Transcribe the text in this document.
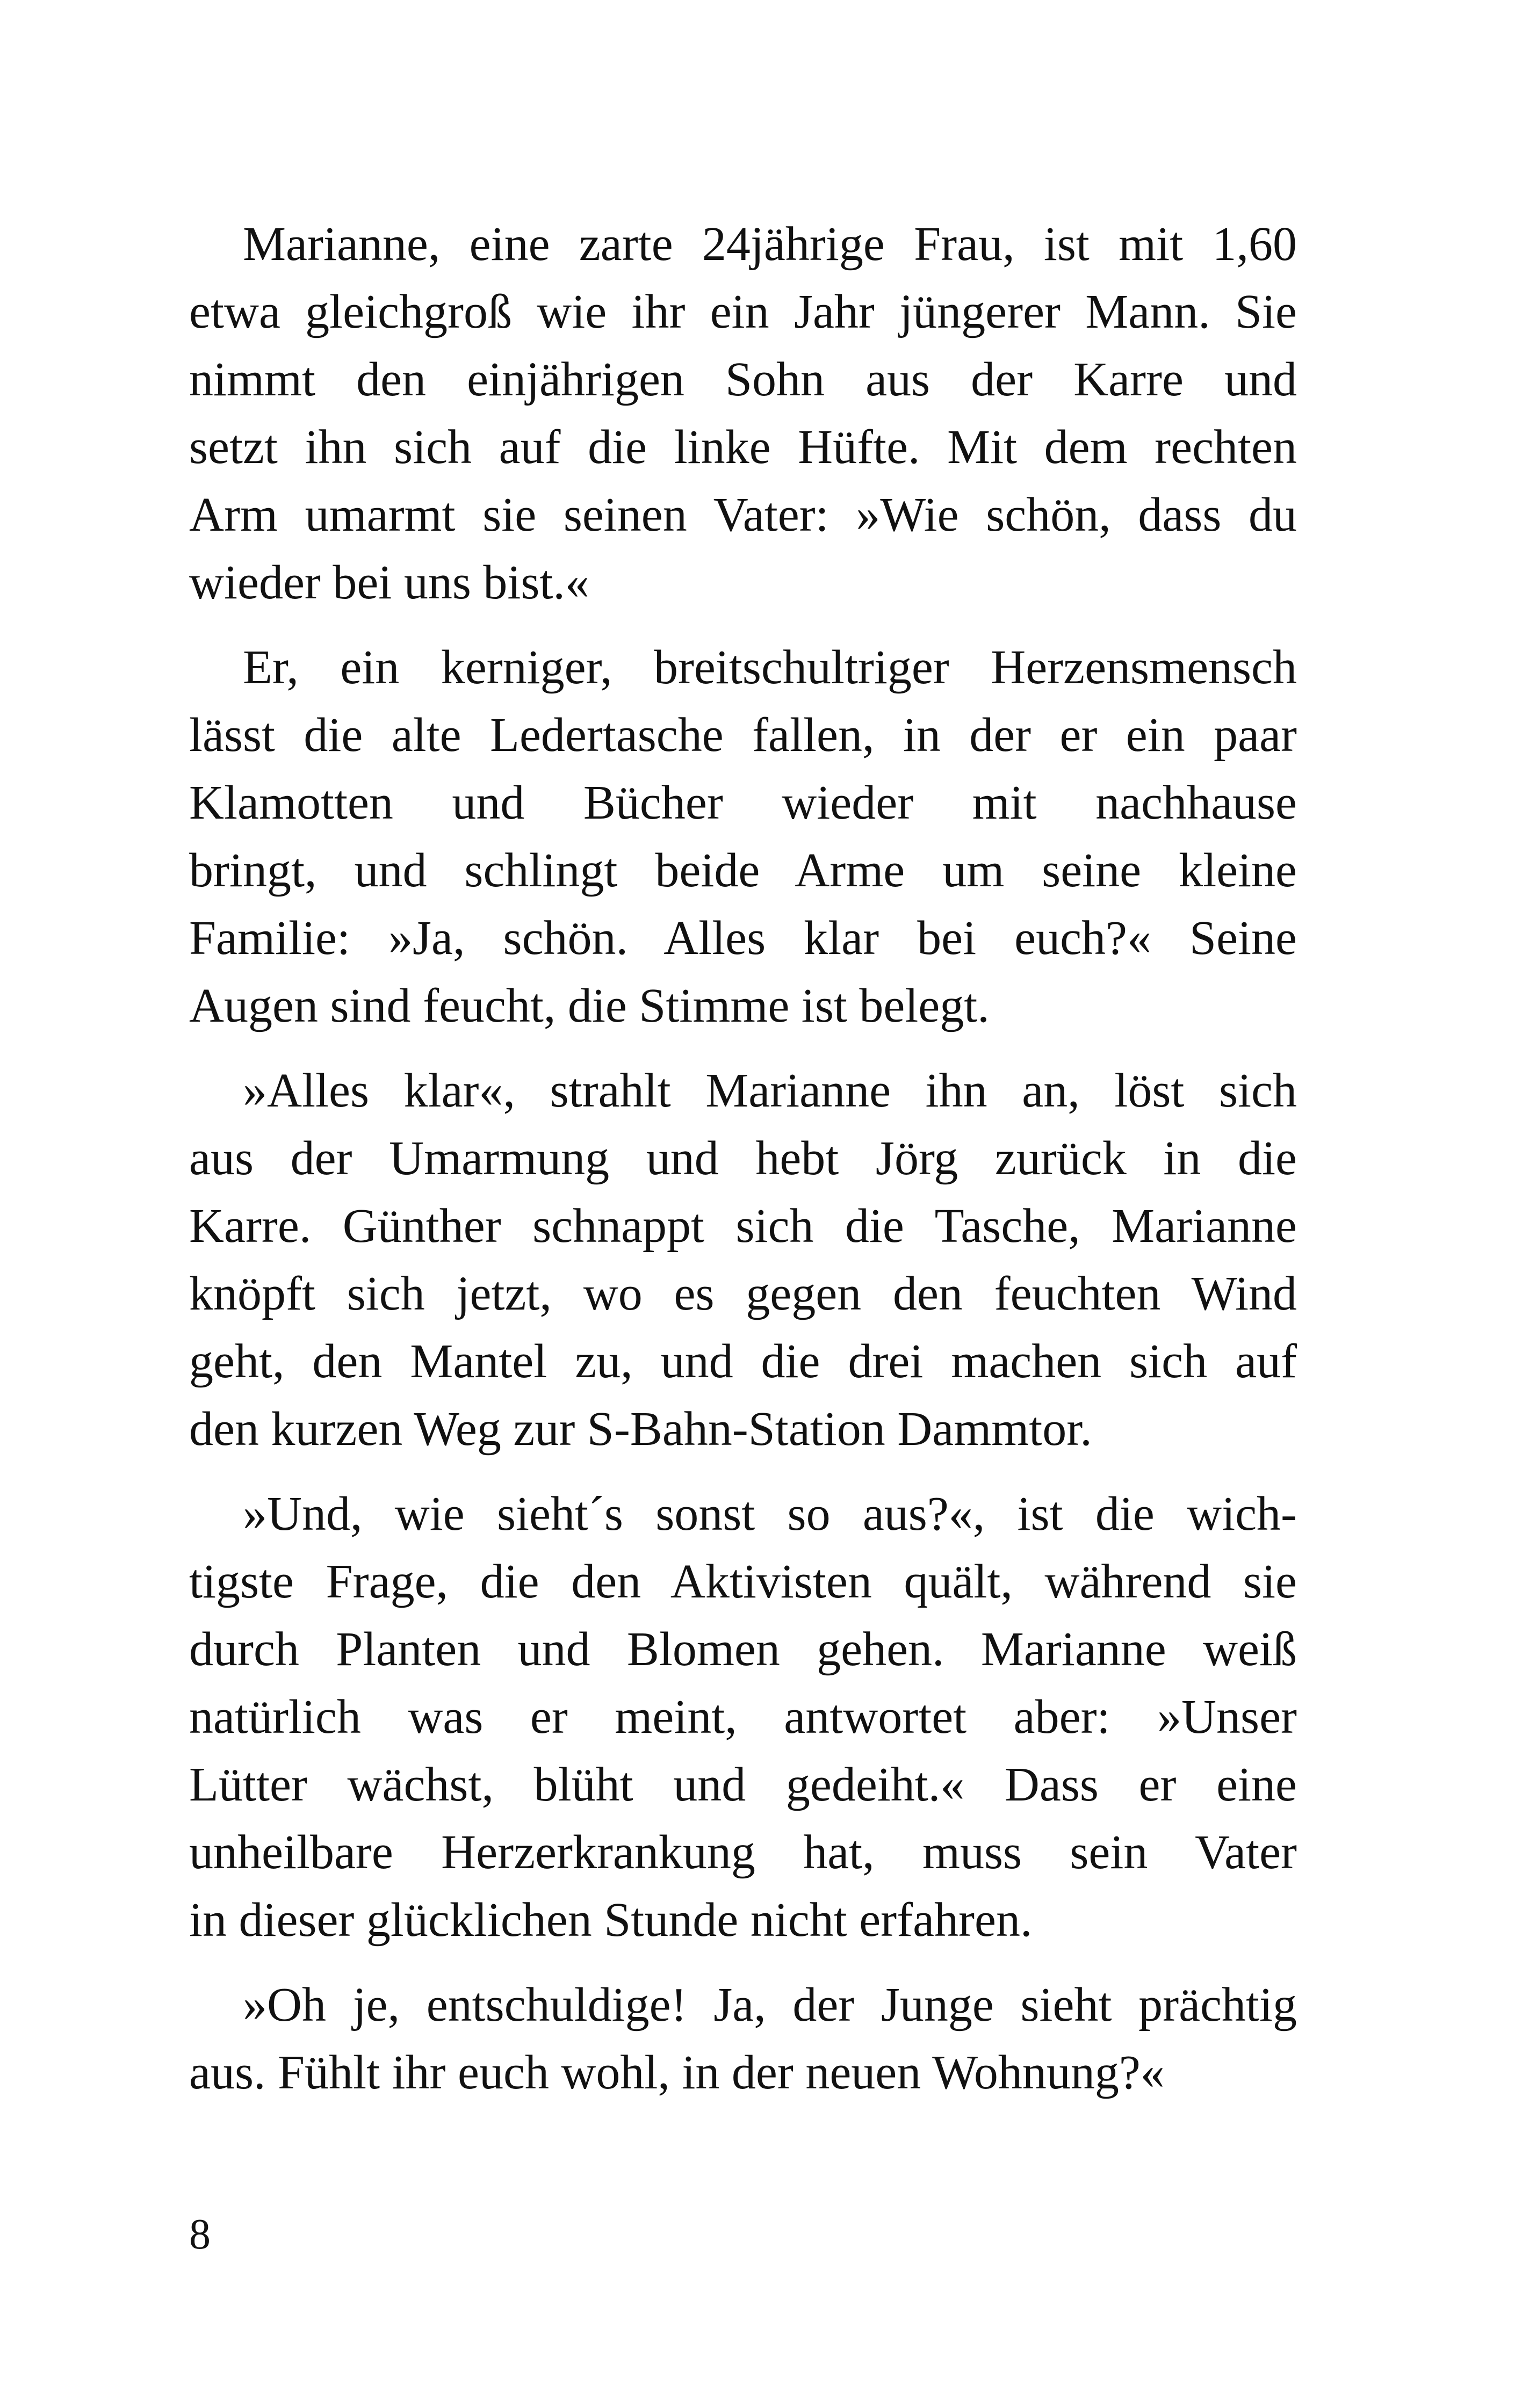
Marianne, eine zarte 24jährige Frau, ist mit 1,60
etwa gleichgroß wie ihr ein Jahr jüngerer Mann. Sie
nimmt den einjährigen Sohn aus der Karre und
setzt ihn sich auf die linke Hüfte. Mit dem rechten
Arm umarmt sie seinen Vater: »Wie schön, dass du
wieder bei uns bist.«

Er, ein kerniger, breitschultriger Herzensmensch
lässt die alte Ledertasche fallen, in der er ein paar
Klamotten und Bücher wieder mit nachhause
bringt, und schlingt beide Arme um seine kleine
Familie: »Ja, schön. Alles klar bei euch?« Seine
Augen sind feucht, die Stimme ist belegt.

»Alles klar«, strahlt Marianne ihn an, löst sich
aus der Umarmung und hebt Jörg zurück in die
Karre. Günther schnappt sich die Tasche, Marianne
knöpft sich jetzt, wo es gegen den feuchten Wind
geht, den Mantel zu, und die drei machen sich auf
den kurzen Weg zur S-Bahn-Station Dammtor.

»Und, wie sieht´s sonst so aus?«, ist die wich-
tigste Frage, die den Aktivisten quält, während sie
durch Planten und Blomen gehen. Marianne weiß
natürlich was er meint, antwortet aber: »Unser
Lütter wächst, blüht und gedeiht.« Dass er eine
unheilbare Herzerkrankung hat, muss sein Vater
in dieser glücklichen Stunde nicht erfahren.

»Oh je, entschuldige! Ja, der Junge sieht prächtig
aus. Fühlt ihr euch wohl, in der neuen Wohnung?«

8
